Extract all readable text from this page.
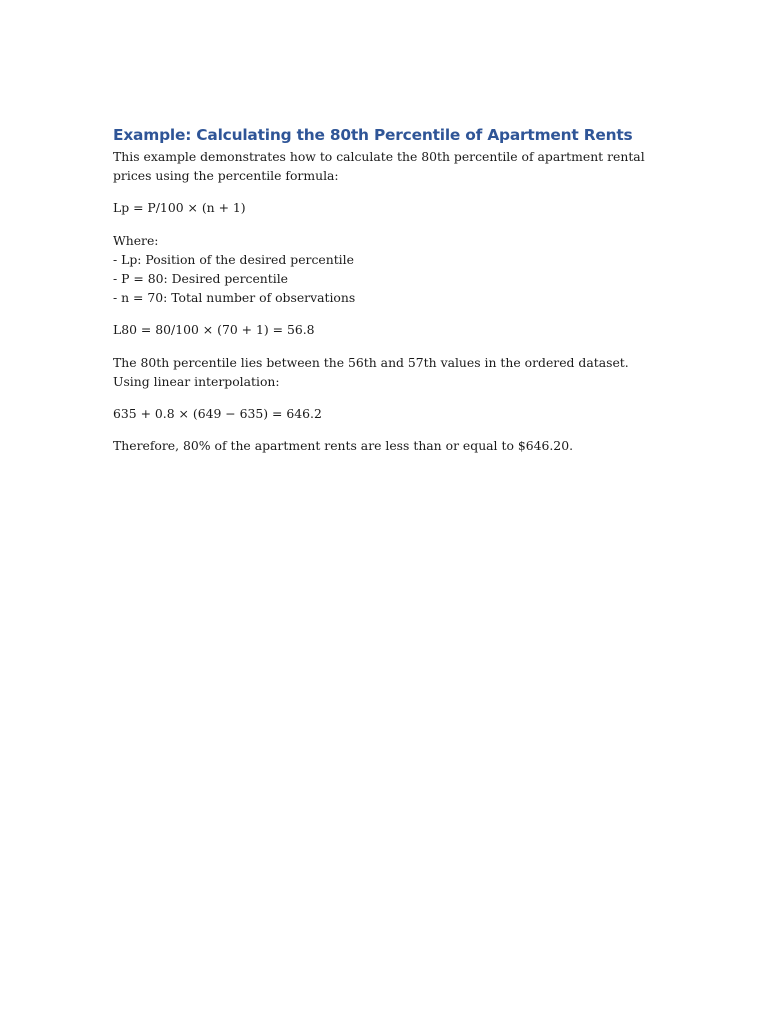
Example: Calculating the 80th Percentile of Apartment Rents

This example demonstrates how to calculate the 80th percentile of apartment rental prices using the percentile formula:

Lp = P/100 × (n + 1)

Where:
- Lp: Position of the desired percentile
- P = 80: Desired percentile
- n = 70: Total number of observations

L80 = 80/100 × (70 + 1) = 56.8

The 80th percentile lies between the 56th and 57th values in the ordered dataset. Using linear interpolation:

635 + 0.8 × (649 − 635) = 646.2

Therefore, 80% of the apartment rents are less than or equal to $646.20.
